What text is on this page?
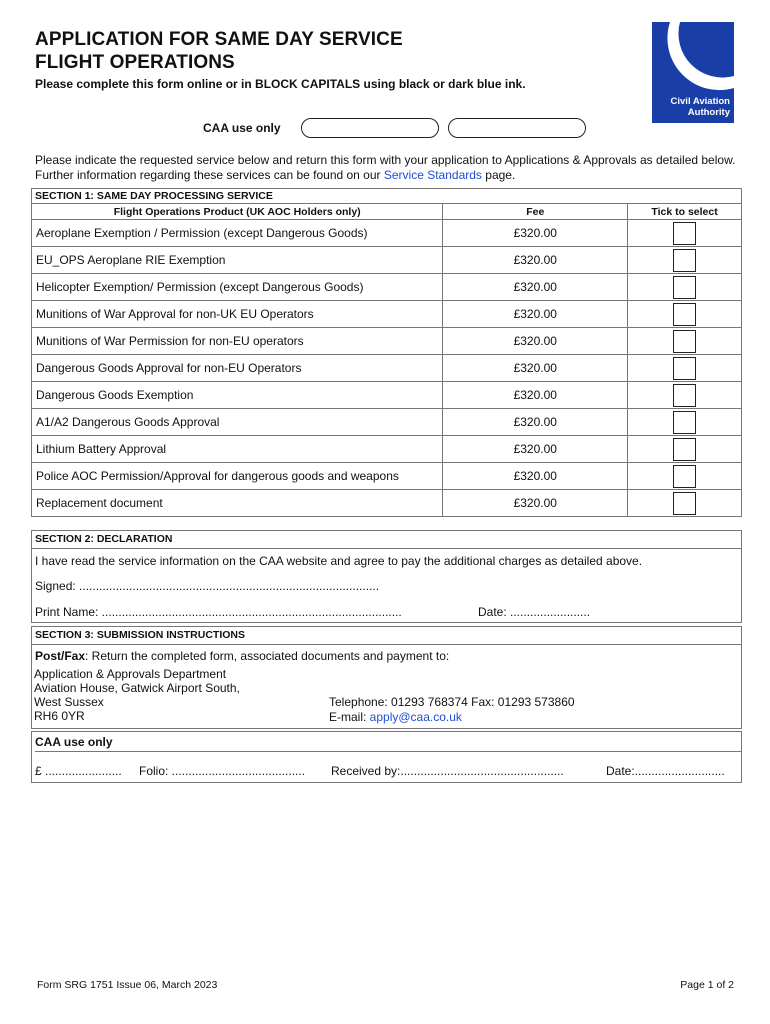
APPLICATION FOR SAME DAY SERVICE
FLIGHT OPERATIONS
Please complete this form online or in BLOCK CAPITALS using black or dark blue ink.
Civil Aviation
Authority
CAA use only
Please indicate the requested service below and return this form with your application to Applications & Approvals as detailed below. Further information regarding these services can be found on our Service Standards page.
SECTION 1: SAME DAY PROCESSING SERVICE		
Flight Operations Product (UK AOC Holders only)	Fee	Tick to select
Aeroplane Exemption / Permission (except Dangerous Goods)	£320.00	
EU_OPS Aeroplane RIE Exemption	£320.00	
Helicopter Exemption/ Permission (except Dangerous Goods)	£320.00	
Munitions of War Approval for non-UK EU Operators	£320.00	
Munitions of War Permission for non-EU operators	£320.00	
Dangerous Goods Approval for non-EU Operators	£320.00	
Dangerous Goods Exemption	£320.00	
A1/A2 Dangerous Goods Approval	£320.00	
Lithium Battery Approval	£320.00	
Police AOC Permission/Approval for dangerous goods and weapons	£320.00	
Replacement document	£320.00	
SECTION 2: DECLARATION
I have read the service information on the CAA website and agree to pay the additional charges as detailed above.
Signed: ..........................................................................................
Print Name: ..........................................................................................	Date: ........................
SECTION 3: SUBMISSION INSTRUCTIONS
Post/Fax: Return the completed form, associated documents and payment to:
Application & Approvals Department
Aviation House, Gatwick Airport South,
West Sussex
RH6 0YR
Telephone: 01293 768374 Fax: 01293 573860
E-mail: apply@caa.co.uk
CAA use only
£ ....................... Folio: ........................................ Received by:.................................................	Date:...........................
Form SRG 1751 Issue 06, March 2023	Page 1 of 2
